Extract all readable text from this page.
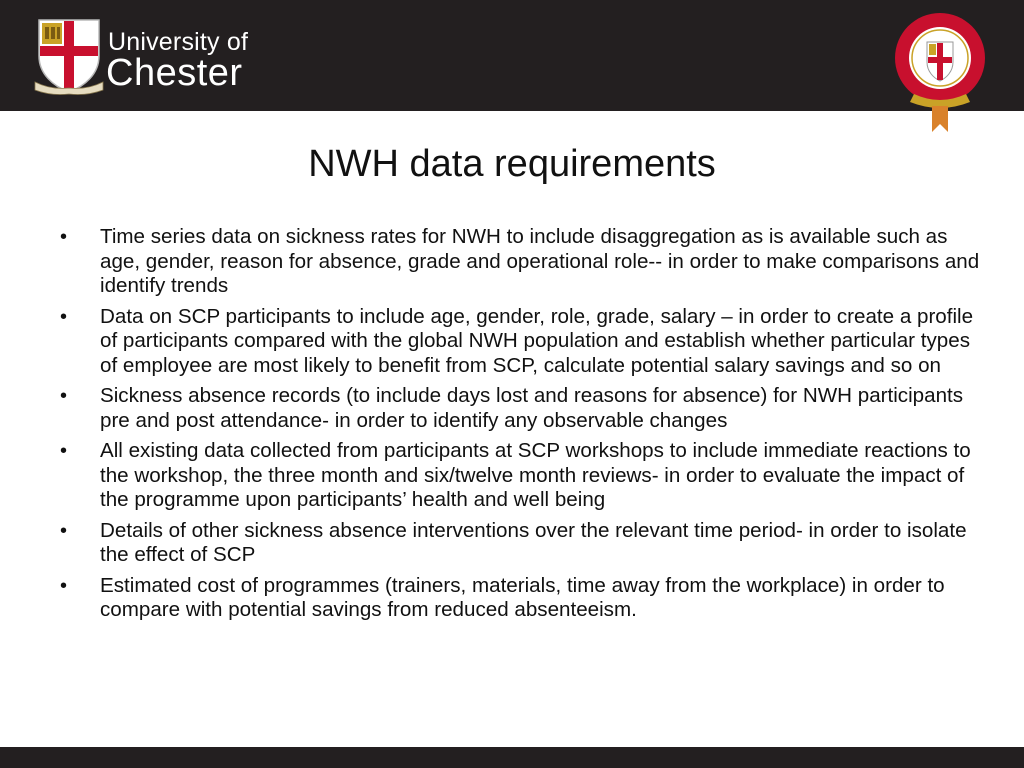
University of
Chester
NWH data requirements
• Time series data on sickness rates for NWH to include disaggregation as is available such as age, gender, reason for absence, grade and operational role-- in order to make comparisons and identify trends
• Data on SCP participants to include age, gender, role, grade, salary – in order to create a profile of participants compared with the global NWH population and establish whether particular types of employee are most likely to benefit from SCP, calculate potential salary savings and so on
• Sickness absence records (to include days lost and reasons for absence) for NWH participants pre and post attendance- in order to identify any observable changes
• All existing data collected from participants at SCP workshops to include immediate reactions to the workshop, the three month and six/twelve month reviews- in order to evaluate the impact of the programme upon participants’ health and well being
• Details of other sickness absence interventions over the relevant time period- in order to isolate the effect of SCP
• Estimated cost of programmes (trainers, materials, time away from the workplace) in order to compare with potential savings from reduced absenteeism.
